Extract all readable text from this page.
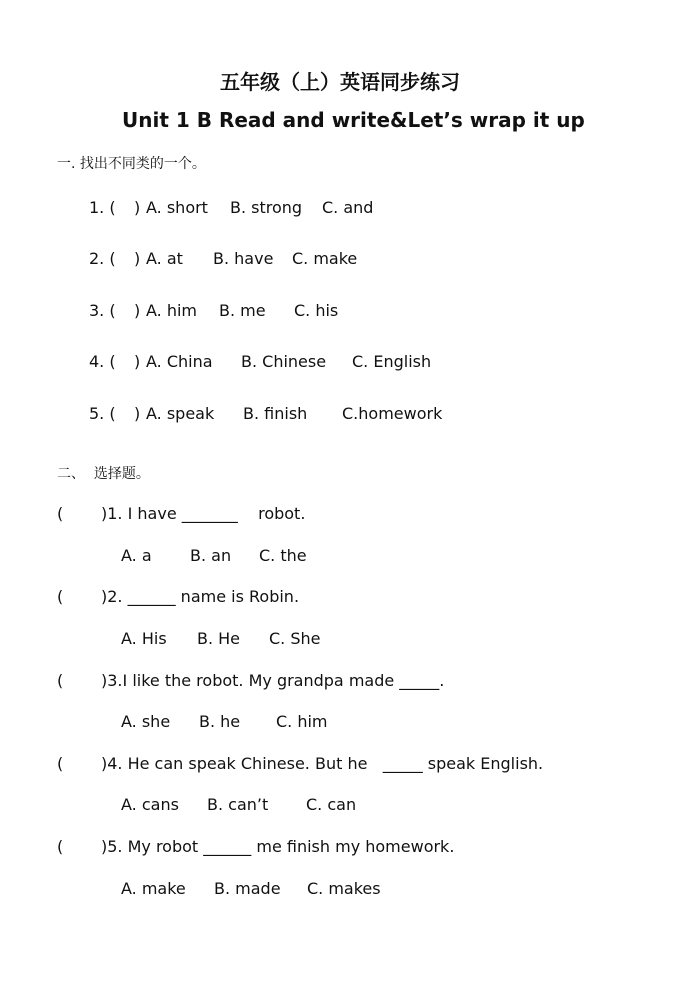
五年级（上）英语同步练习
Unit 1 B Read and write&Let’s wrap it up
一. 找出不同类的一个。
1. ( ) A. short B. strong C. and
2. ( ) A. at B. have C. make
3. ( ) A. him B. me C. his
4. ( ) A. China B. Chinese C. English
5. ( ) A. speak B. finish C.homework
二、  选择题。
( )1. I have _______    robot.
A. a B. an C. the
( )2. ______ name is Robin.
A. His B. He C. She
( )3.I like the robot. My grandpa made _____.
A. she B. he C. him
( )4. He can speak Chinese. But he   _____ speak English.
A. cans B. can’t C. can
( )5. My robot ______ me finish my homework.
A. make B. made C. makes
